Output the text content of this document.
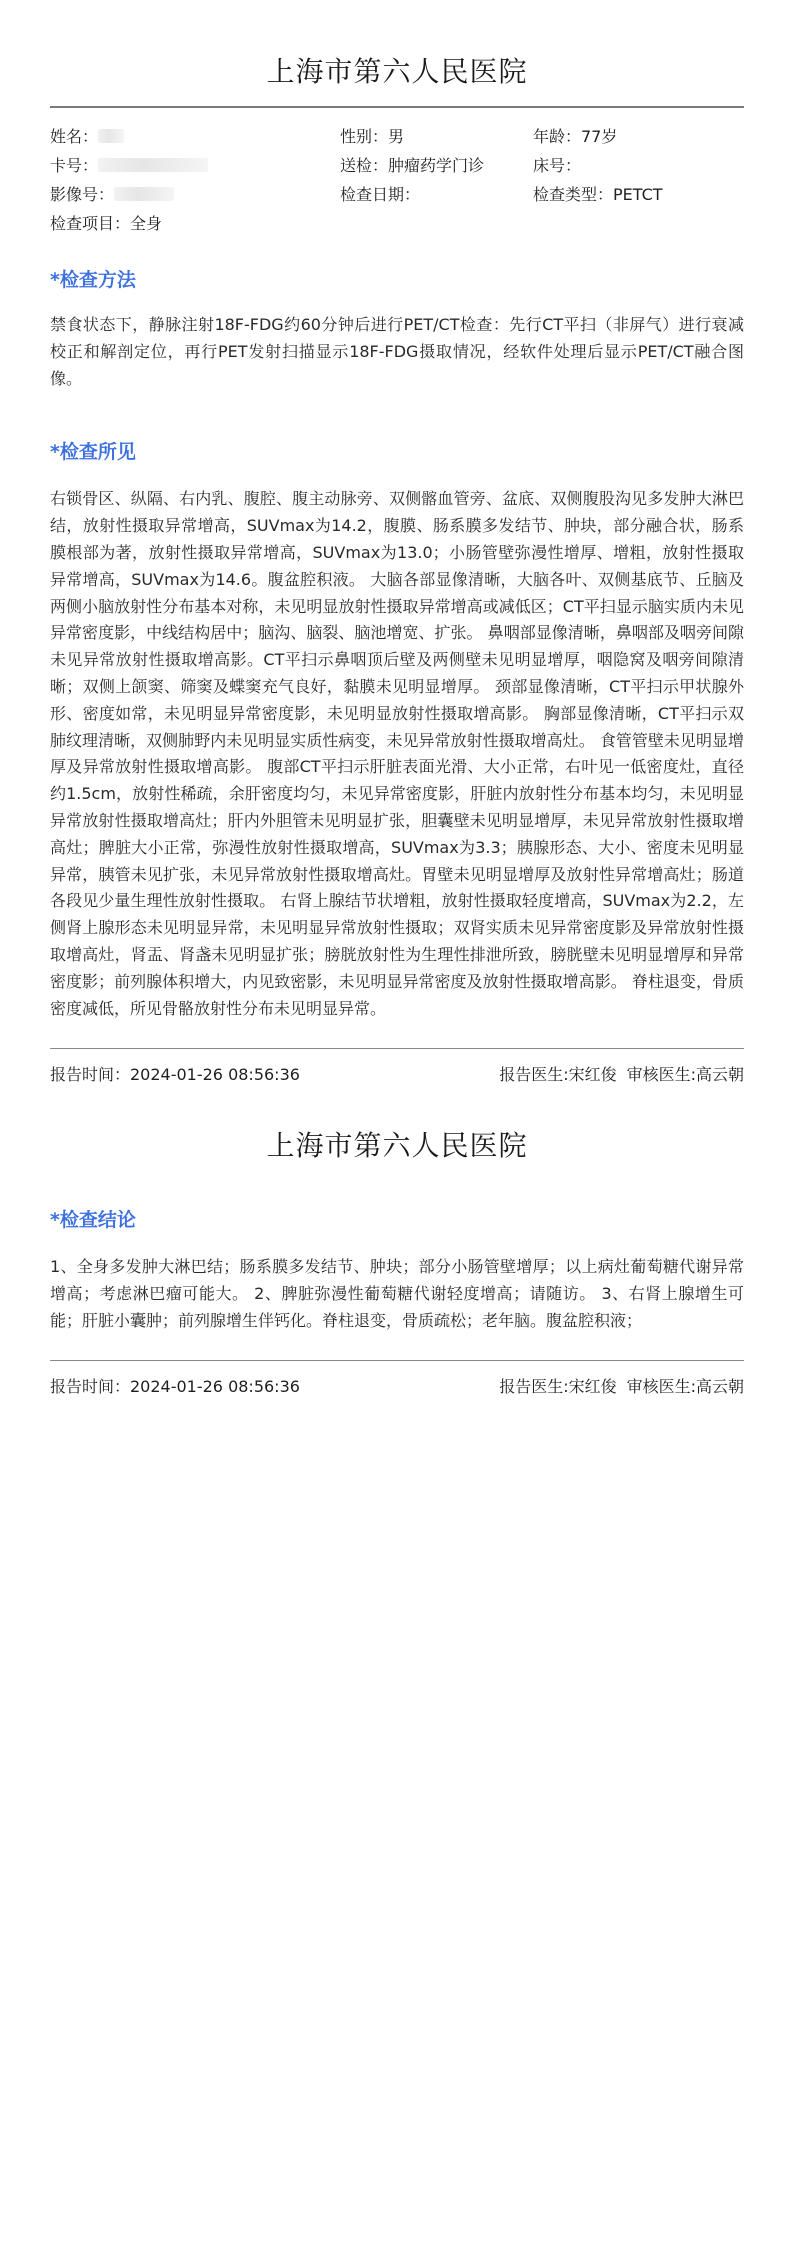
上海市第六人民医院
姓名：	性别：男	年龄：77岁
卡号：	送检：肿瘤药学门诊	床号：
影像号：	检查日期：	检查类型：PETCT
检查项目：全身
*检查方法
禁食状态下，静脉注射18F-FDG约60分钟后进行PET/CT检查：先行CT平扫（非屏气）进行衰减校正和解剖定位，再行PET发射扫描显示18F-FDG摄取情况，经软件处理后显示PET/CT融合图像。
*检查所见
右锁骨区、纵隔、右内乳、腹腔、腹主动脉旁、双侧髂血管旁、盆底、双侧腹股沟见多发肿大淋巴结，放射性摄取异常增高，SUVmax为14.2，腹膜、肠系膜多发结节、肿块，部分融合状，肠系膜根部为著，放射性摄取异常增高，SUVmax为13.0；小肠管壁弥漫性增厚、增粗，放射性摄取异常增高，SUVmax为14.6。腹盆腔积液。 大脑各部显像清晰，大脑各叶、双侧基底节、丘脑及两侧小脑放射性分布基本对称，未见明显放射性摄取异常增高或减低区；CT平扫显示脑实质内未见异常密度影，中线结构居中；脑沟、脑裂、脑池增宽、扩张。 鼻咽部显像清晰，鼻咽部及咽旁间隙未见异常放射性摄取增高影。CT平扫示鼻咽顶后壁及两侧壁未见明显增厚，咽隐窝及咽旁间隙清晰；双侧上颌窦、筛窦及蝶窦充气良好，黏膜未见明显增厚。 颈部显像清晰，CT平扫示甲状腺外形、密度如常，未见明显异常密度影，未见明显放射性摄取增高影。 胸部显像清晰，CT平扫示双肺纹理清晰，双侧肺野内未见明显实质性病变，未见异常放射性摄取增高灶。 食管管壁未见明显增厚及异常放射性摄取增高影。 腹部CT平扫示肝脏表面光滑、大小正常，右叶见一低密度灶，直径约1.5cm，放射性稀疏，余肝密度均匀，未见异常密度影，肝脏内放射性分布基本均匀，未见明显异常放射性摄取增高灶；肝内外胆管未见明显扩张，胆囊壁未见明显增厚，未见异常放射性摄取增高灶；脾脏大小正常，弥漫性放射性摄取增高，SUVmax为3.3；胰腺形态、大小、密度未见明显异常，胰管未见扩张，未见异常放射性摄取增高灶。胃壁未见明显增厚及放射性异常增高灶；肠道各段见少量生理性放射性摄取。 右肾上腺结节状增粗，放射性摄取轻度增高，SUVmax为2.2，左侧肾上腺形态未见明显异常，未见明显异常放射性摄取；双肾实质未见异常密度影及异常放射性摄取增高灶，肾盂、肾盏未见明显扩张；膀胱放射性为生理性排泄所致，膀胱壁未见明显增厚和异常密度影；前列腺体积增大，内见致密影，未见明显异常密度及放射性摄取增高影。 脊柱退变，骨质密度减低，所见骨骼放射性分布未见明显异常。
报告时间：2024-01-26 08:56:36	报告医生:宋红俊 审核医生:高云朝
上海市第六人民医院
*检查结论
1、全身多发肿大淋巴结；肠系膜多发结节、肿块；部分小肠管壁增厚；以上病灶葡萄糖代谢异常增高；考虑淋巴瘤可能大。 2、脾脏弥漫性葡萄糖代谢轻度增高；请随访。 3、右肾上腺增生可能；肝脏小囊肿；前列腺增生伴钙化。脊柱退变，骨质疏松；老年脑。腹盆腔积液；
报告时间：2024-01-26 08:56:36	报告医生:宋红俊 审核医生:高云朝
